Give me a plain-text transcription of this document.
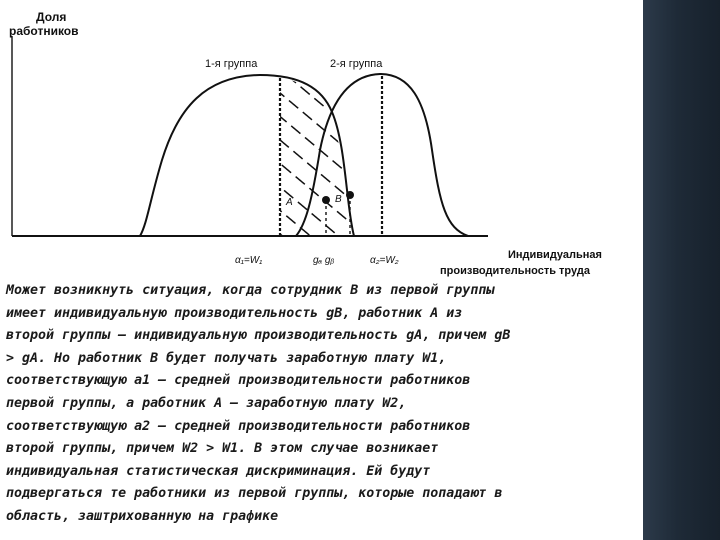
Доля
работников
1-я группа	2-я группа
A	B
α₁=W₁	gₐ gᵦ	α₂=W₂	Индивидуальная
производительность труда

Может возникнуть ситуация, когда сотрудник В из первой группы
имеет индивидуальную производительность gВ, работник А из
второй группы — индивидуальную производительность gА, причем gВ
> gА. Но работник В будет получать заработную плату W1,
соответствующую а1 — средней производительности работников
первой группы, а работник А — заработную плату W2,
соответствующую а2 — средней производительности работников
второй группы, причем W2 > W1. В этом случае возникает
индивидуальная статистическая дискриминация. Ей будут
подвергаться те работники из первой группы, которые попадают в
область, заштрихованную на графике
